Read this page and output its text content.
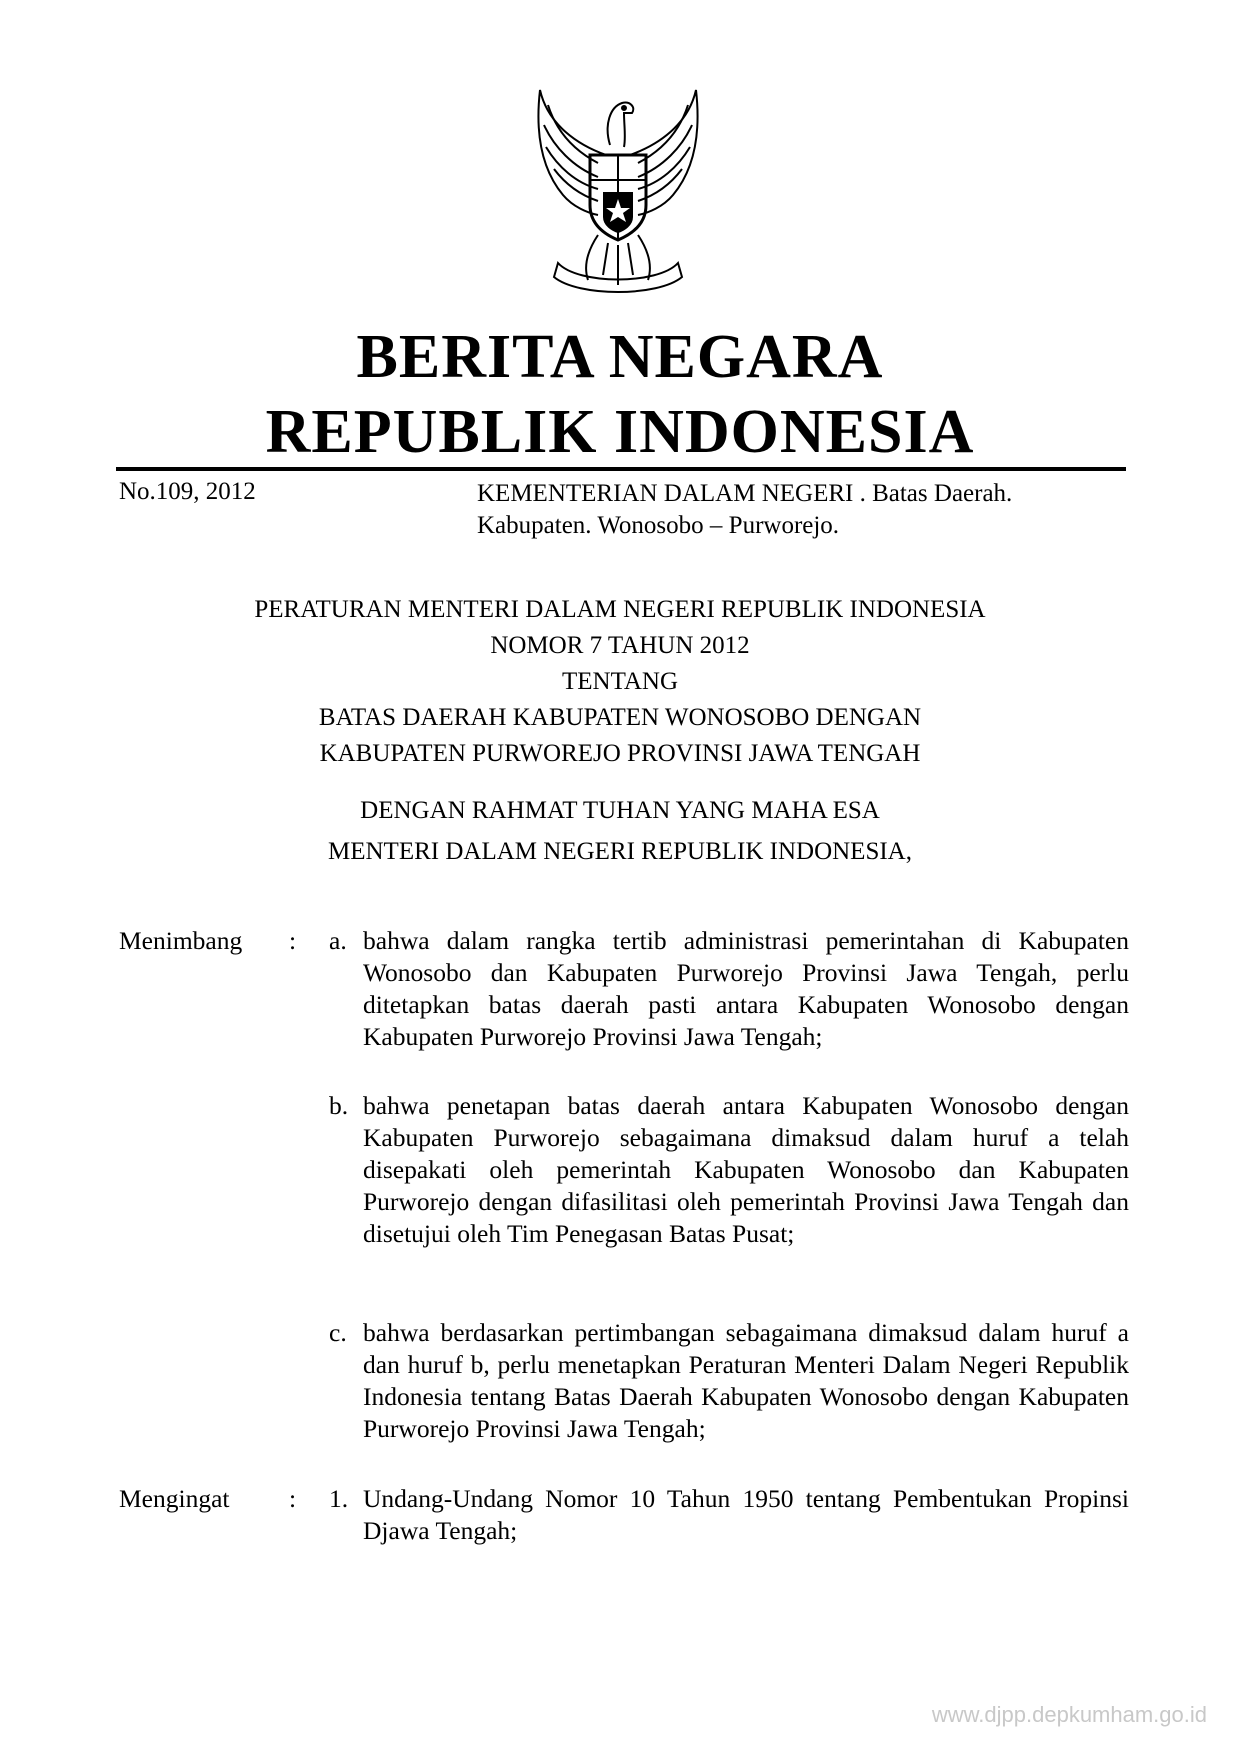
BERITA NEGARA
REPUBLIK INDONESIA
No.109, 2012	KEMENTERIAN DALAM NEGERI . Batas Daerah.
Kabupaten. Wonosobo – Purworejo.
PERATURAN MENTERI DALAM NEGERI REPUBLIK INDONESIA
NOMOR 7 TAHUN 2012
TENTANG
BATAS DAERAH KABUPATEN WONOSOBO DENGAN
KABUPATEN PURWOREJO PROVINSI JAWA TENGAH
DENGAN RAHMAT TUHAN YANG MAHA ESA
MENTERI DALAM NEGERI REPUBLIK INDONESIA,
Menimbang : a. bahwa dalam rangka tertib administrasi pemerintahan di Kabupaten Wonosobo dan Kabupaten Purworejo Provinsi Jawa Tengah, perlu ditetapkan batas daerah pasti antara Kabupaten Wonosobo dengan Kabupaten Purworejo Provinsi Jawa Tengah;
b. bahwa penetapan batas daerah antara Kabupaten Wonosobo dengan Kabupaten Purworejo sebagaimana dimaksud dalam huruf a telah disepakati oleh pemerintah Kabupaten Wonosobo dan Kabupaten Purworejo dengan difasilitasi oleh pemerintah Provinsi Jawa Tengah dan disetujui oleh Tim Penegasan Batas Pusat;
c. bahwa berdasarkan pertimbangan sebagaimana dimaksud dalam huruf a dan huruf b, perlu menetapkan Peraturan Menteri Dalam Negeri Republik Indonesia tentang Batas Daerah Kabupaten Wonosobo dengan Kabupaten Purworejo Provinsi Jawa Tengah;
Mengingat : 1. Undang-Undang Nomor 10 Tahun 1950 tentang Pembentukan Propinsi Djawa Tengah;
www.djpp.depkumham.go.id
